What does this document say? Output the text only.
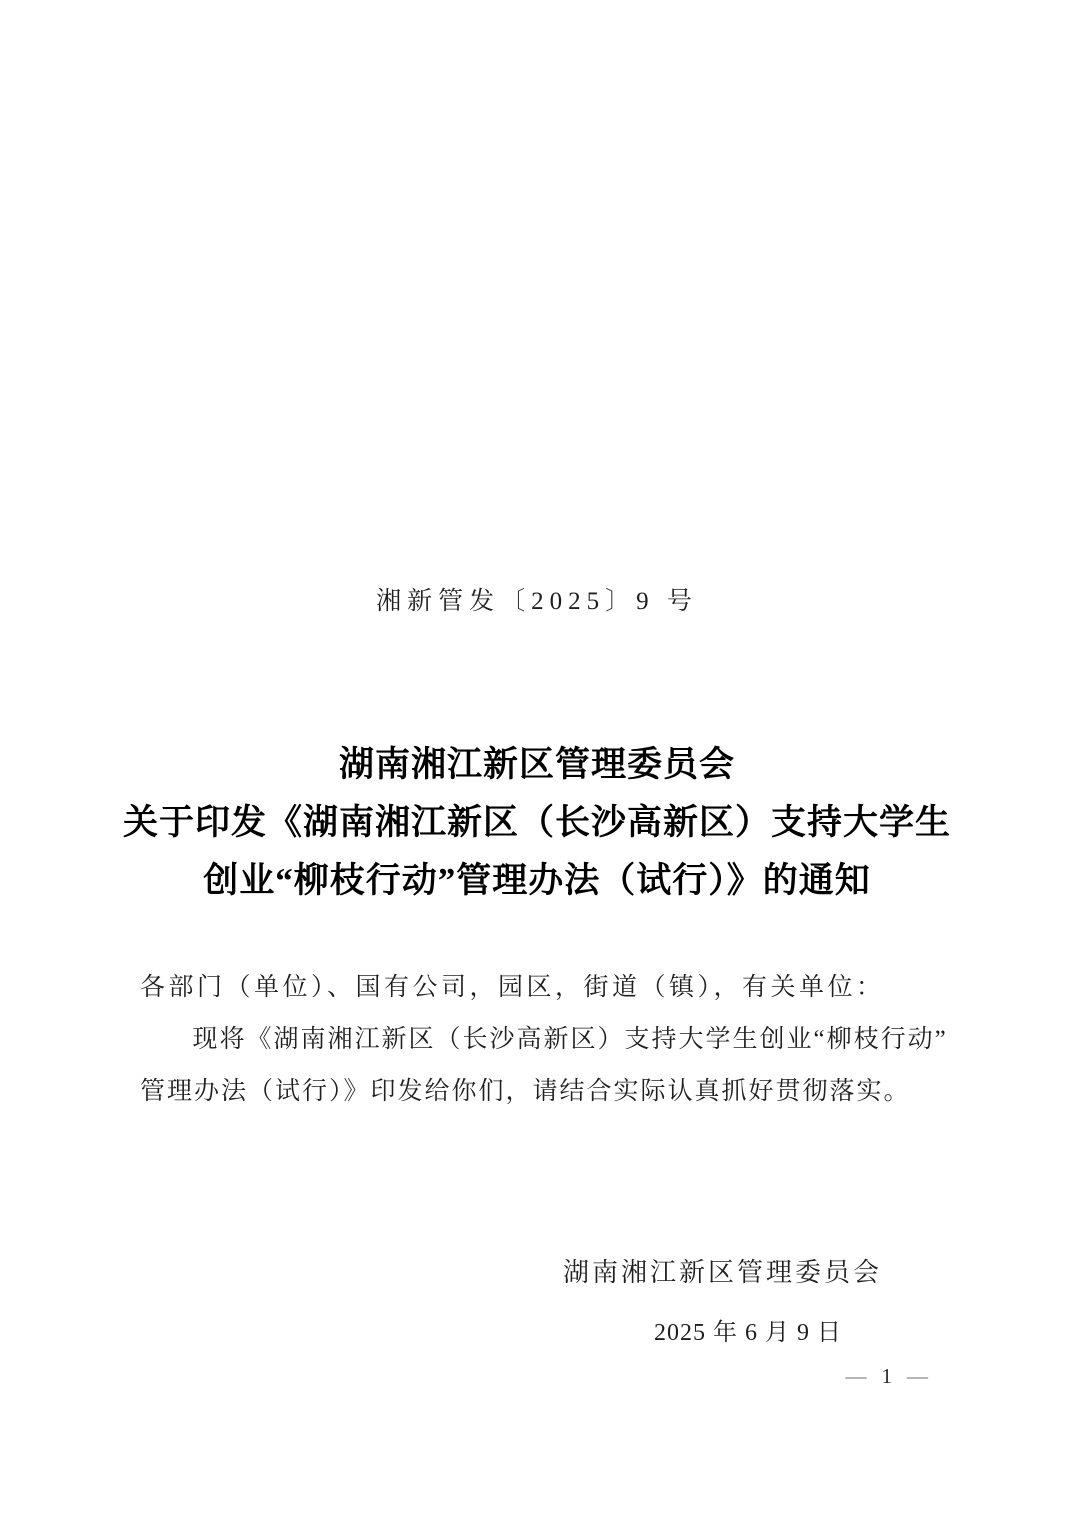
湘新管发〔2025〕9 号
湖南湘江新区管理委员会
关于印发《湖南湘江新区（长沙高新区）支持大学生
创业“柳枝行动”管理办法（试行）》的通知
各部门（单位）、国有公司，园区，街道（镇），有关单位：
现将《湖南湘江新区（长沙高新区）支持大学生创业“柳枝行动”
管理办法（试行）》印发给你们，请结合实际认真抓好贯彻落实。
湖南湘江新区管理委员会
2025 年 6 月 9 日
— 1 —
